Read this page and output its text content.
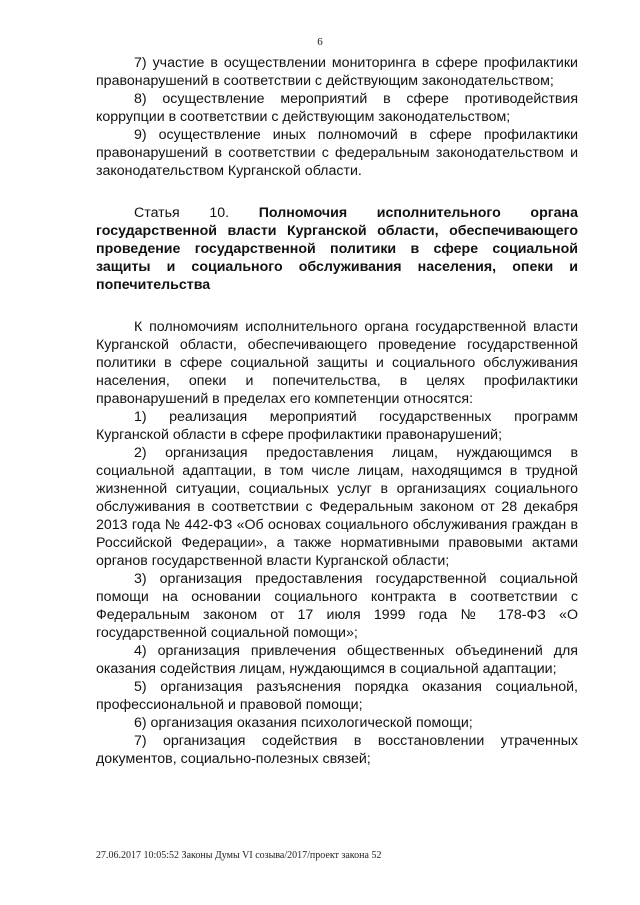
6

7) участие в осуществлении мониторинга в сфере профилактики правонарушений в соответствии с действующим законодательством;

8) осуществление мероприятий в сфере противодействия коррупции в соответствии с действующим законодательством;

9) осуществление иных полномочий в сфере профилактики правонарушений в соответствии с федеральным законодательством и законодательством Курганской области.

Статья 10. Полномочия исполнительного органа государственной власти Курганской области, обеспечивающего проведение государственной политики в сфере социальной защиты и социального обслуживания населения, опеки и попечительства

К полномочиям исполнительного органа государственной власти Курганской области, обеспечивающего проведение государственной политики в сфере социальной защиты и социального обслуживания населения, опеки и попечительства, в целях профилактики правонарушений в пределах его компетенции относятся:

1) реализация мероприятий государственных программ Курганской области в сфере профилактики правонарушений;

2) организация предоставления лицам, нуждающимся в социальной адаптации, в том числе лицам, находящимся в трудной жизненной ситуации, социальных услуг в организациях социального обслуживания в соответствии с Федеральным законом от 28 декабря 2013 года № 442-ФЗ «Об основах социального обслуживания граждан в Российской Федерации», а также нормативными правовыми актами органов государственной власти Курганской области;

3) организация предоставления государственной социальной помощи на основании социального контракта в соответствии с Федеральным законом от 17 июля 1999 года № 178-ФЗ «О государственной социальной помощи»;

4) организация привлечения общественных объединений для оказания содействия лицам, нуждающимся в социальной адаптации;

5) организация разъяснения порядка оказания социальной, профессиональной и правовой помощи;

6) организация оказания психологической помощи;

7) организация содействия в восстановлении утраченных документов, социально-полезных связей;

27.06.2017 10:05:52 Законы Думы VI созыва/2017/проект закона 52
